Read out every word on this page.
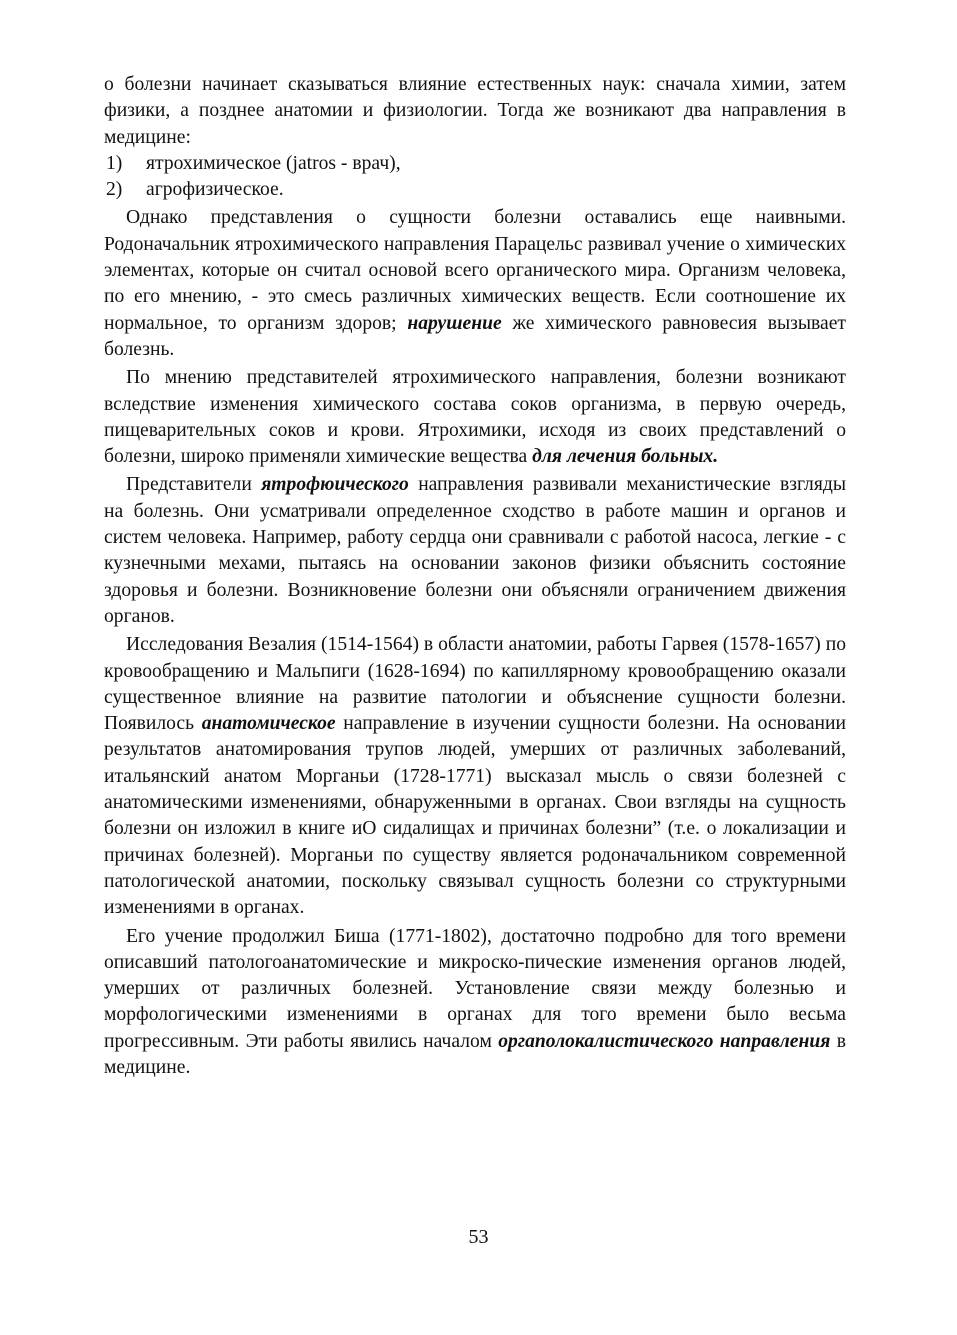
о болезни начинает сказываться влияние естественных наук: сначала химии, затем физики, а позднее анатомии и физиологии. Тогда же возникают два направления в медицине:

1)	ятрохимическое (jatros - врач),
2)	агрофизическое.

Однако представления о сущности болезни оставались еще наивными. Родоначальник ятрохимического направления Парацельс развивал учение о химических элементах, которые он считал основой всего органического мира. Организм человека, по его мнению, - это смесь различных химических веществ. Если соотношение их нормальное, то организм здоров; нарушение же химического равновесия вызывает болезнь.

По мнению представителей ятрохимического направления, болезни возникают вследствие изменения химического состава соков организма, в первую очередь, пищеварительных соков и крови. Ятрохимики, исходя из своих представлений о болезни, широко применяли химические вещества для лечения больных.

Представители ятрофюического направления развивали механистические взгляды на болезнь. Они усматривали определенное сходство в работе машин и органов и систем человека. Например, работу сердца они сравнивали с работой насоса, легкие - с кузнечными мехами, пытаясь на основании законов физики объяснить состояние здоровья и болезни. Возникновение болезни они объясняли ограничением движения органов.

Исследования Везалия (1514-1564) в области анатомии, работы Гарвея (1578-1657) по кровообращению и Мальпиги (1628-1694) по капиллярному кровообращению оказали существенное влияние на развитие патологии и объяснение сущности болезни. Появилось анатомическое направление в изучении сущности болезни. На основании результатов анатомирования трупов людей, умерших от различных заболеваний, итальянский анатом Морганьи (1728-1771) высказал мысль о связи болезней с анатомическими изменениями, обнаруженными в органах. Свои взгляды на сущность болезни он изложил в книге иО сидалищах и причинах болезни” (т.е. о локализации и причинах болезней). Морганьи по существу является родоначальником современной патологической анатомии, поскольку связывал сущность болезни со структурными изменениями в органах.

Его учение продолжил Биша (1771-1802), достаточно подробно для того времени описавший патологоанатомические и микроско-пические изменения органов людей, умерших от различных болезней. Установление связи между болезнью и морфологическими изменениями в органах для того времени было весьма прогрессивным. Эти работы явились началом оргаполокалистического направления в медицине.

53
